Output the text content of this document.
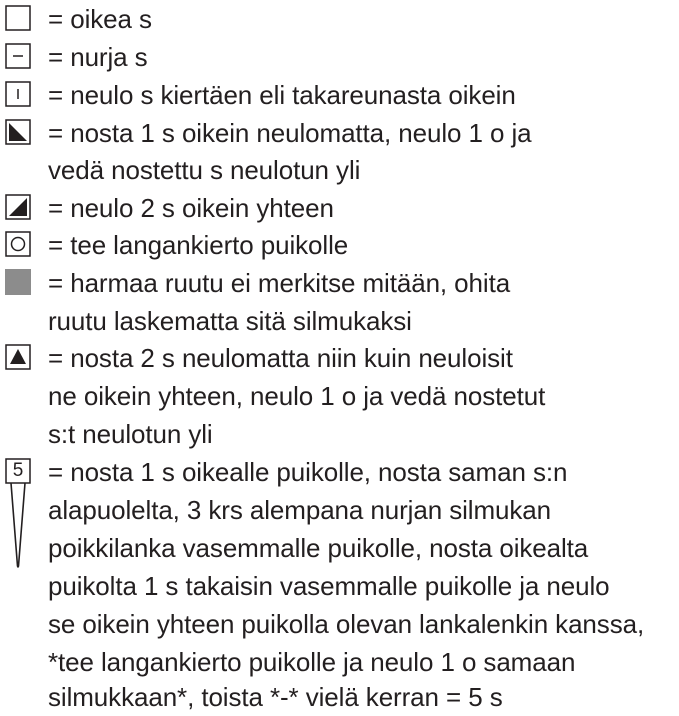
= oikea s
= nurja s
= neulo s kiertäen eli takareunasta oikein
= nosta 1 s oikein neulomatta, neulo 1 o ja
vedä nostettu s neulotun yli
= neulo 2 s oikein yhteen
= tee langankierto puikolle
= harmaa ruutu ei merkitse mitään, ohita
ruutu laskematta sitä silmukaksi
= nosta 2 s neulomatta niin kuin neuloisit
ne oikein yhteen, neulo 1 o ja vedä nostetut
s:t neulotun yli
5 = nosta 1 s oikealle puikolle, nosta saman s:n
alapuolelta, 3 krs alempana nurjan silmukan
poikkilanka vasemmalle puikolle, nosta oikealta
puikolta 1 s takaisin vasemmalle puikolle ja neulo
se oikein yhteen puikolla olevan lankalenkin kanssa,
*tee langankierto puikolle ja neulo 1 o samaan
silmukkaan*, toista *-* vielä kerran = 5 s
